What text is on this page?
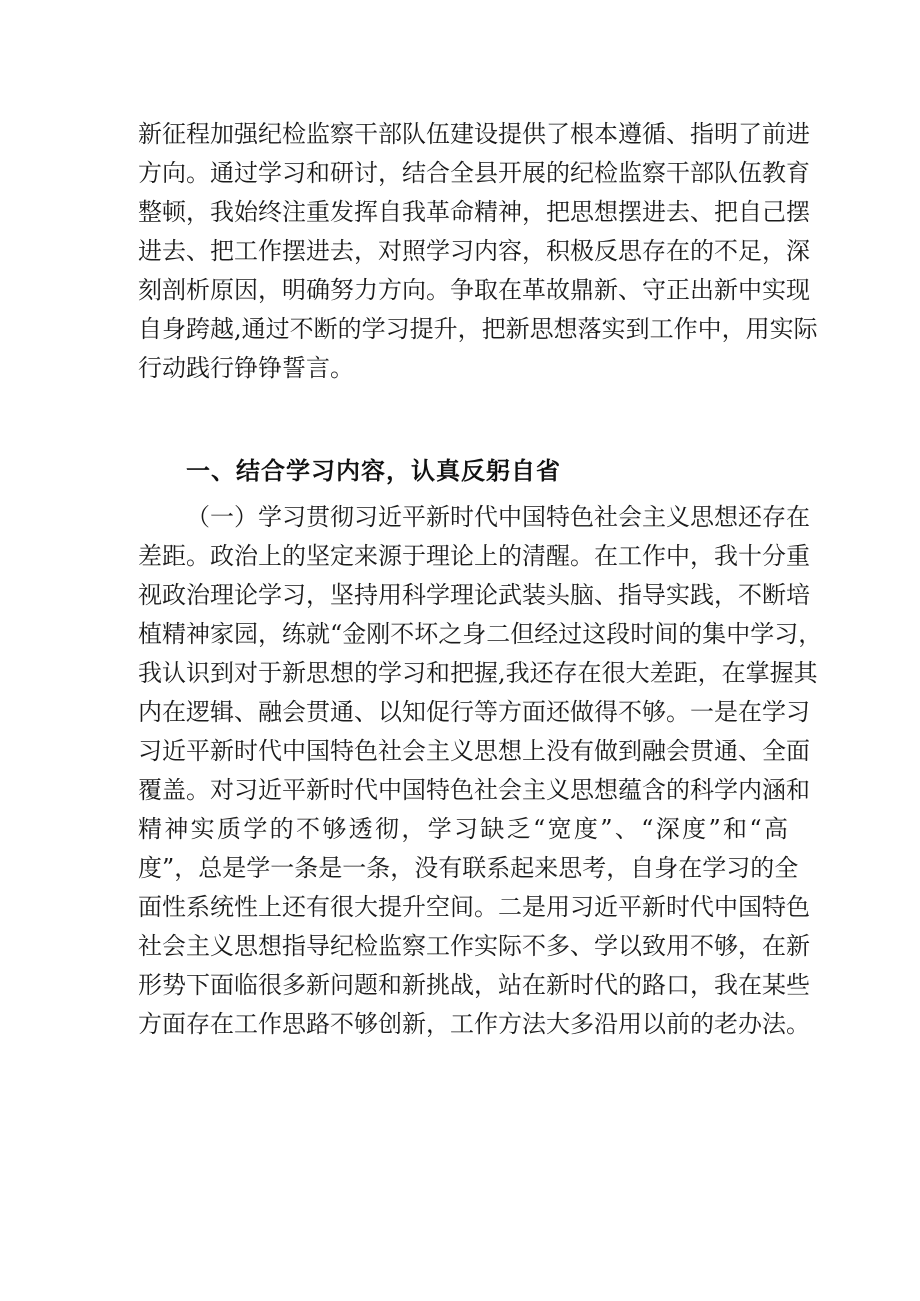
新征程加强纪检监察干部队伍建设提供了根本遵循、指明了前进
方向。通过学习和研讨，结合全县开展的纪检监察干部队伍教育
整顿，我始终注重发挥自我革命精神，把思想摆进去、把自己摆
进去、把工作摆进去，对照学习内容，积极反思存在的不足，深
刻剖析原因，明确努力方向。争取在革故鼎新、守正出新中实现
自身跨越,通过不断的学习提升，把新思想落实到工作中，用实际
行动践行铮铮誓言。
一、结合学习内容，认真反躬自省
（一）学习贯彻习近平新时代中国特色社会主义思想还存在
差距。政治上的坚定来源于理论上的清醒。在工作中，我十分重
视政治理论学习，坚持用科学理论武装头脑、指导实践，不断培
植精神家园，练就“金刚不坏之身二但经过这段时间的集中学习，
我认识到对于新思想的学习和把握,我还存在很大差距，在掌握其
内在逻辑、融会贯通、以知促行等方面还做得不够。一是在学习
习近平新时代中国特色社会主义思想上没有做到融会贯通、全面
覆盖。对习近平新时代中国特色社会主义思想蕴含的科学内涵和
精神实质学的不够透彻，学习缺乏“宽度”、“深度”和“高
度”，总是学一条是一条，没有联系起来思考，自身在学习的全
面性系统性上还有很大提升空间。二是用习近平新时代中国特色
社会主义思想指导纪检监察工作实际不多、学以致用不够，在新
形势下面临很多新问题和新挑战，站在新时代的路口，我在某些
方面存在工作思路不够创新，工作方法大多沿用以前的老办法。
